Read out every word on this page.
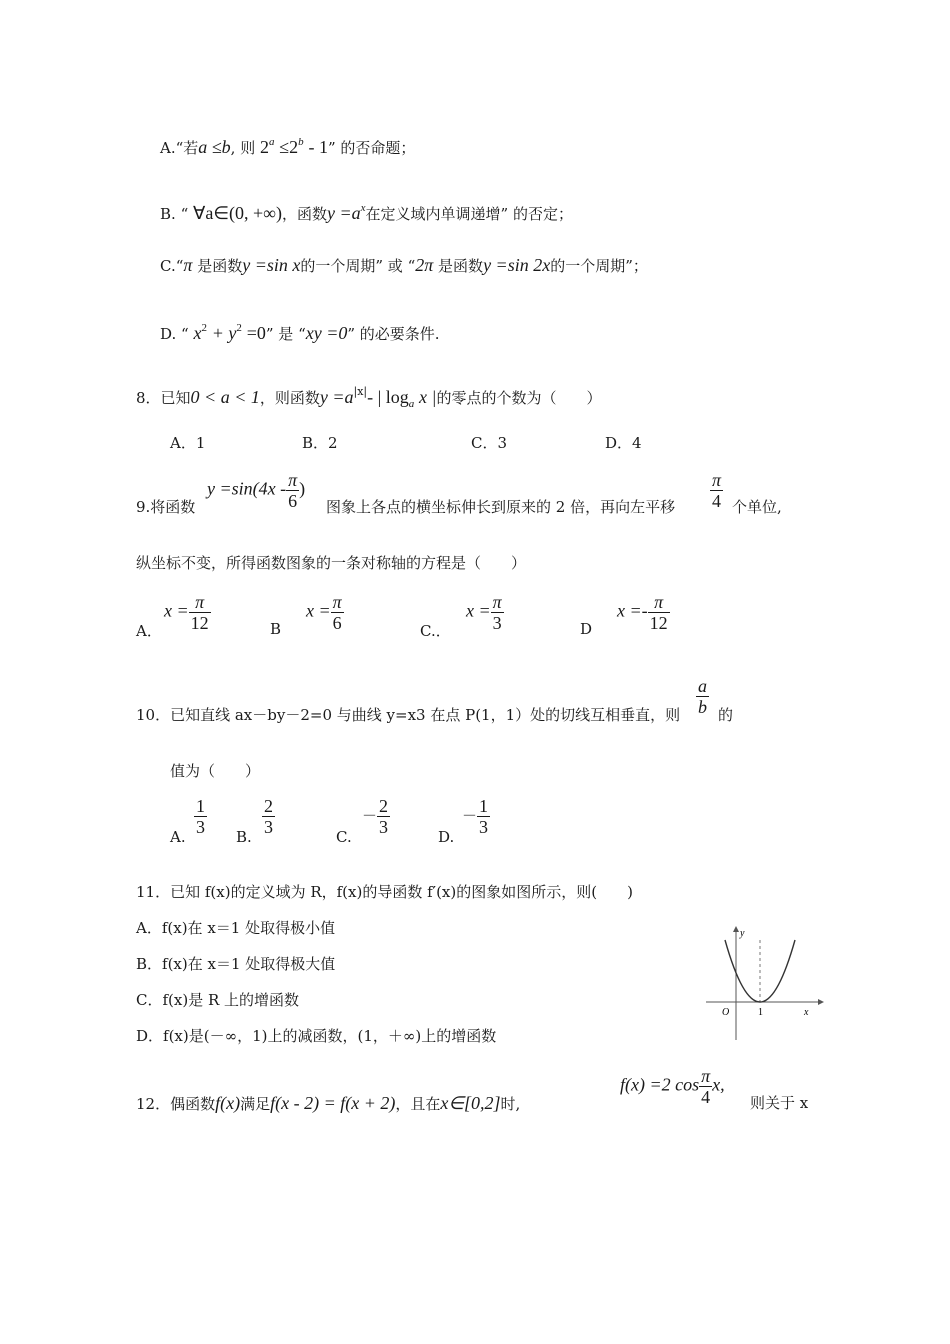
A.“若a ≤b, 则 $2^a \le 2^b - 1$” 的否命题；
B. “ ∀a∈(0, +∞)，函数$y =a^x$在定义域内单调递增” 的否定；
C.“π 是函数y =sin x的一个周期” 或 “2π 是函数y =sin 2x的一个周期”；
D. “ $x^2 + y^2 =0$” 是 “xy =0” 的必要条件.
8．已知0 < a < 1，则函数$y =a^{|x|}-$ | $\log_a x$ |的零点的个数为（　　）
A．1	B．2	C．3	D．4
9.将函数
$y =\sin(4x - \frac{\pi}{6}$ )
图象上各点的横坐标伸长到原来的 2 倍，再向左平移 $\frac{\pi}{4}$ 个单位,
纵坐标不变，所得函数图象的一条对称轴的方程是（　　）
A．
$x = \frac{\pi}{12}$	B
$x = \frac{\pi}{6}$	C.．
$x = \frac{\pi}{3}$	D
$x =- \frac{\pi}{12}$
10．已知直线 ax－by－2=0 与曲线 y=x3 在点 P(1，1）处的切线互相垂直，则 $\frac{a}{b}$ 的
值为（　　）
A. $\frac{1}{3} B$. $\frac{2}{3}$	C.
－ $\frac{2}{3}$	D.
－ $\frac{1}{3}$
11．已知 f(x)的定义域为 R，f(x)的导函数 f′(x)的图象如图所示，则(　　)
A．f(x)在 x＝1 处取得极小值
B．f(x)在 x＝1 处取得极大值
C．f(x)是 R 上的增函数
D．f(x)是(－∞，1)上的减函数，(1，＋∞)上的增函数
y
x
O	1
12．偶函数f(x)满足f(x - 2) = f(x + 2)，且在x∈[0,2]时,
f(x) =2 $\cos \frac{\pi}{4} x$,
则关于 x
